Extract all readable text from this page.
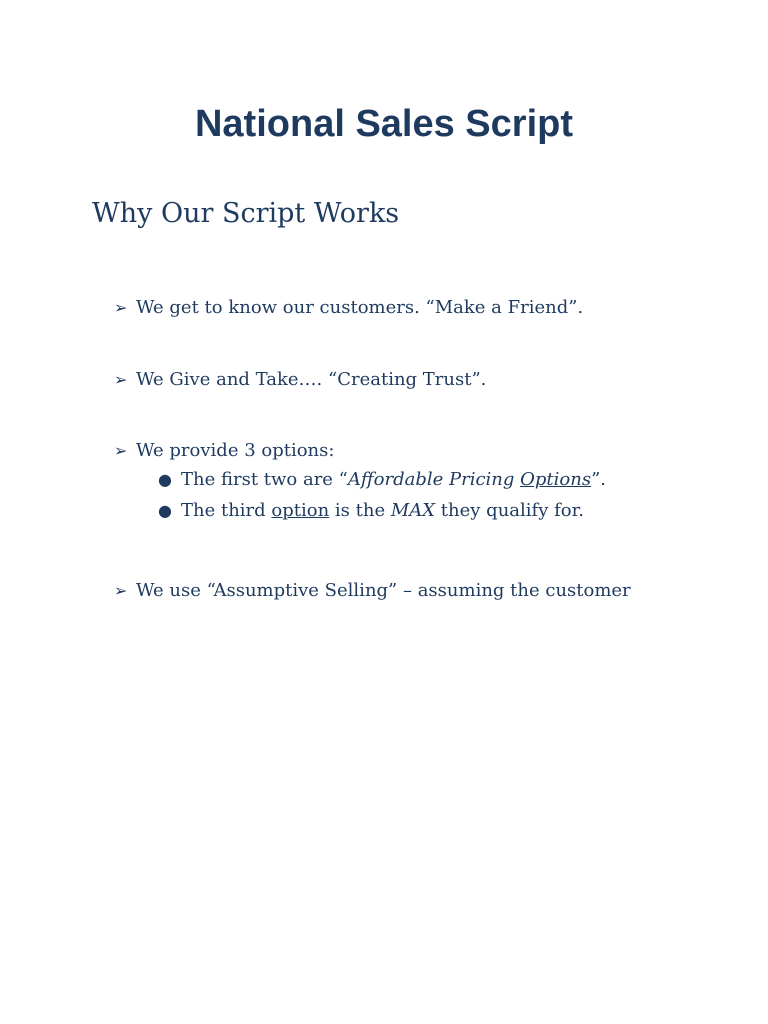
National Sales Script
Why Our Script Works
➢ We get to know our customers. “Make a Friend”.
➢ We Give and Take…. “Creating Trust”.
➢ We provide 3 options:
● The first two are “Affordable Pricing Options”.
● The third option is the MAX they qualify for.
➢ We use “Assumptive Selling” – assuming the customer
